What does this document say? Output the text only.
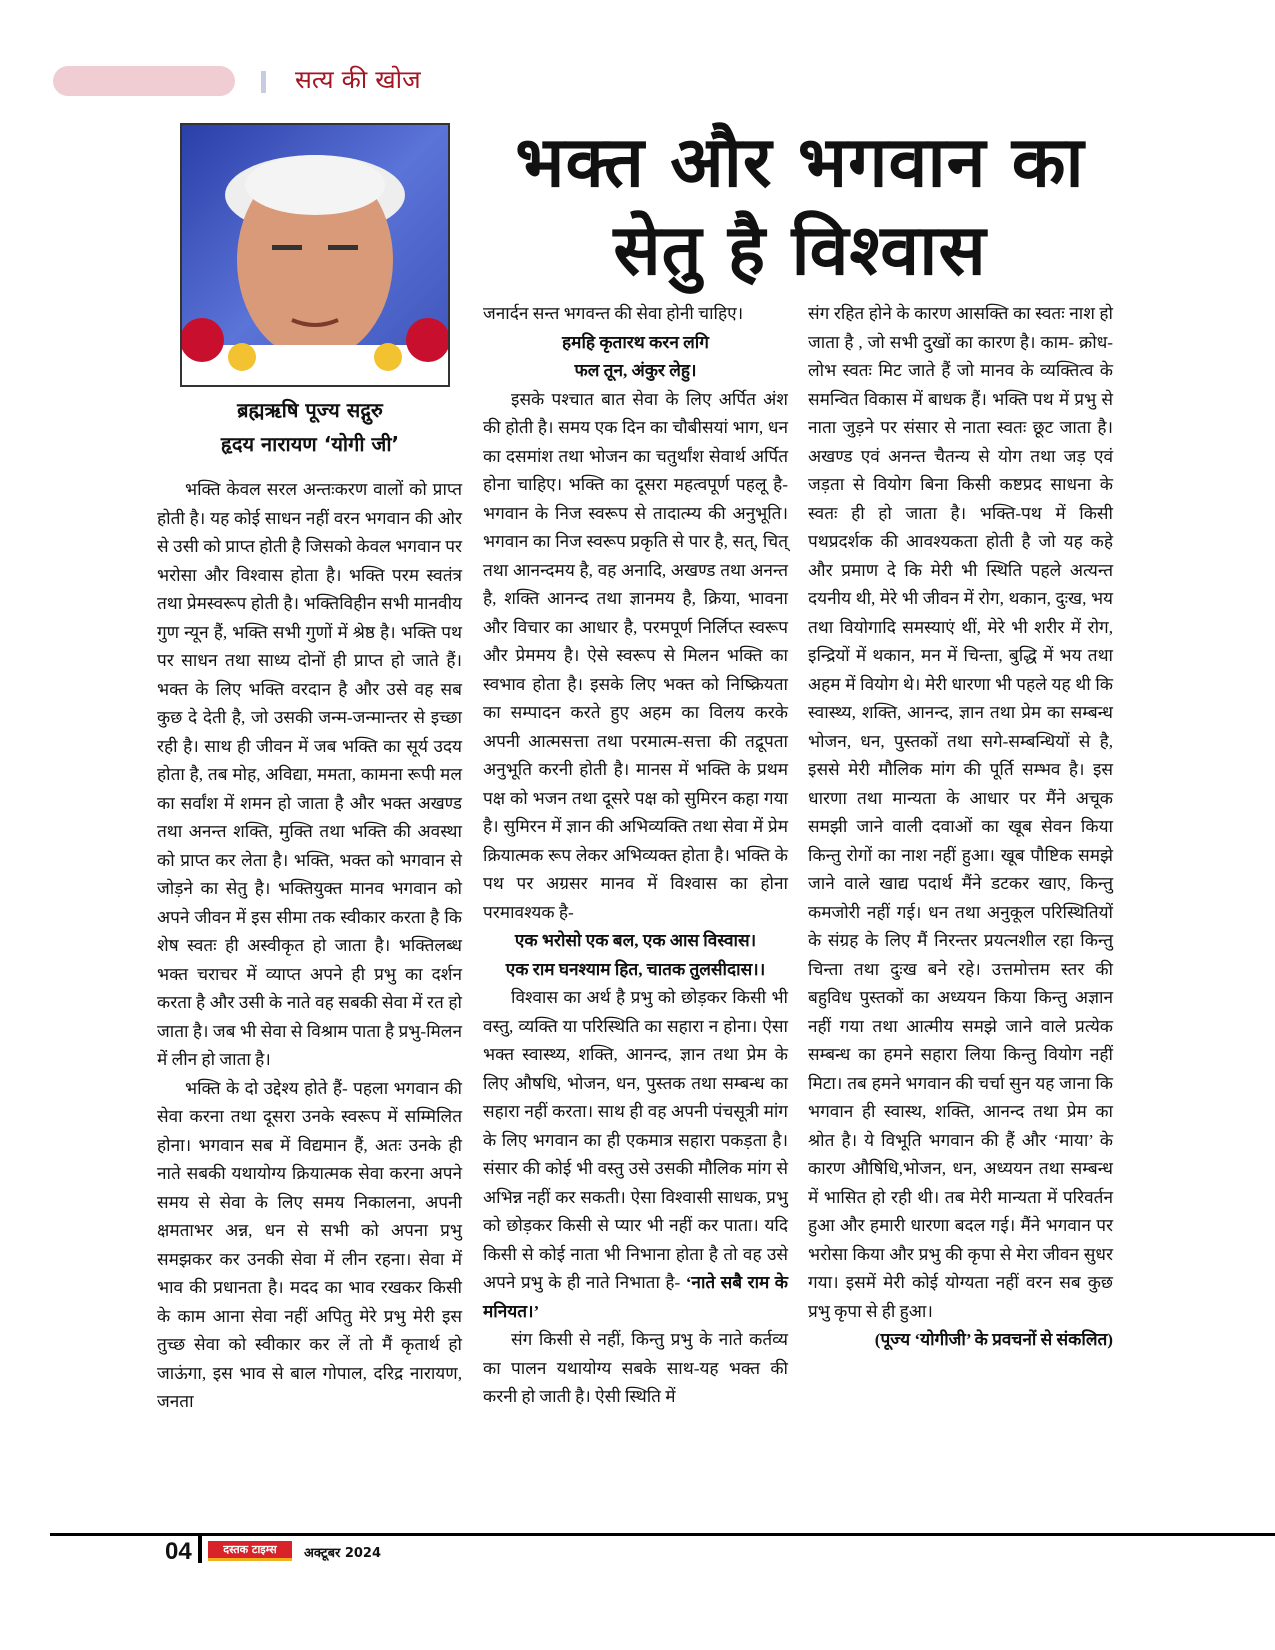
सत्य की खोज
ब्रह्मऋषि पूज्य सद्गुरु
हृदय नारायण ‘योगी जी’
भक्त और भगवान का
सेतु है विश्वास

भक्ति केवल सरल अन्तःकरण वालों को प्राप्त होती है। यह कोई साधन नहीं वरन भगवान की ओर से उसी को प्राप्त होती है जिसको केवल भगवान पर भरोसा और विश्वास होता है। भक्ति परम स्वतंत्र तथा प्रेमस्वरूप होती है। भक्तिविहीन सभी मानवीय गुण न्यून हैं, भक्ति सभी गुणों में श्रेष्ठ है। भक्ति पथ पर साधन तथा साध्य दोनों ही प्राप्त हो जाते हैं। भक्त के लिए भक्ति वरदान है और उसे वह सब कुछ दे देती है, जो उसकी जन्म-जन्मान्तर से इच्छा रही है। साथ ही जीवन में जब भक्ति का सूर्य उदय होता है, तब मोह, अविद्या, ममता, कामना रूपी मल का सर्वांश में शमन हो जाता है और भक्त अखण्ड तथा अनन्त शक्ति, मुक्ति तथा भक्ति की अवस्था को प्राप्त कर लेता है। भक्ति, भक्त को भगवान से जोड़ने का सेतु है। भक्तियुक्त मानव भगवान को अपने जीवन में इस सीमा तक स्वीकार करता है कि शेष स्वतः ही अस्वीकृत हो जाता है। भक्तिलब्ध भक्त चराचर में व्याप्त अपने ही प्रभु का दर्शन करता है और उसी के नाते वह सबकी सेवा में रत हो जाता है। जब भी सेवा से विश्राम पाता है प्रभु-मिलन में लीन हो जाता है।

भक्ति के दो उद्देश्य होते हैं- पहला भगवान की सेवा करना तथा दूसरा उनके स्वरूप में सम्मिलित होना। भगवान सब में विद्यमान हैं, अतः उनके ही नाते सबकी यथायोग्य क्रियात्मक सेवा करना अपने समय से सेवा के लिए समय निकालना, अपनी क्षमताभर अन्न, धन से सभी को अपना प्रभु समझकर कर उनकी सेवा में लीन रहना। सेवा में भाव की प्रधानता है। मदद का भाव रखकर किसी के काम आना सेवा नहीं अपितु मेरे प्रभु मेरी इस तुच्छ सेवा को स्वीकार कर लें तो मैं कृतार्थ हो जाऊंगा, इस भाव से बाल गोपाल, दरिद्र नारायण, जनता

जनार्दन सन्त भगवन्त की सेवा होनी चाहिए।

हमहि कृतारथ करन लगि
फल तून, अंकुर लेहु।

इसके पश्चात बात सेवा के लिए अर्पित अंश की होती है। समय एक दिन का चौबीसयां भाग, धन का दसमांश तथा भोजन का चतुर्थांश सेवार्थ अर्पित होना चाहिए। भक्ति का दूसरा महत्वपूर्ण पहलू है- भगवान के निज स्वरूप से तादात्म्य की अनुभूति। भगवान का निज स्वरूप प्रकृति से पार है, सत्, चित् तथा आनन्दमय है, वह अनादि, अखण्ड तथा अनन्त है, शक्ति आनन्द तथा ज्ञानमय है, क्रिया, भावना और विचार का आधार है, परमपूर्ण निर्लिप्त स्वरूप और प्रेममय है। ऐसे स्वरूप से मिलन भक्ति का स्वभाव होता है। इसके लिए भक्त को निष्क्रियता का सम्पादन करते हुए अहम का विलय करके अपनी आत्मसत्ता तथा परमात्म-सत्ता की तद्रूपता अनुभूति करनी होती है। मानस में भक्ति के प्रथम पक्ष को भजन तथा दूसरे पक्ष को सुमिरन कहा गया है। सुमिरन में ज्ञान की अभिव्यक्ति तथा सेवा में प्रेम क्रियात्मक रूप लेकर अभिव्यक्त होता है। भक्ति के पथ पर अग्रसर मानव में विश्वास का होना परमावश्यक है-

एक भरोसो एक बल, एक आस विस्वास।
एक राम घनश्याम हित, चातक तुलसीदास।।

विश्वास का अर्थ है प्रभु को छोड़कर किसी भी वस्तु, व्यक्ति या परिस्थिति का सहारा न होना। ऐसा भक्त स्वास्थ्य, शक्ति, आनन्द, ज्ञान तथा प्रेम के लिए औषधि, भोजन, धन, पुस्तक तथा सम्बन्ध का सहारा नहीं करता। साथ ही वह अपनी पंचसूत्री मांग के लिए भगवान का ही एकमात्र सहारा पकड़ता है। संसार की कोई भी वस्तु उसे उसकी मौलिक मांग से अभिन्न नहीं कर सकती। ऐसा विश्वासी साधक, प्रभु को छोड़कर किसी से प्यार भी नहीं कर पाता। यदि किसी से कोई नाता भी निभाना होता है तो वह उसे अपने प्रभु के ही नाते निभाता है- ‘नाते सबै राम के मनियत।’

संग किसी से नहीं, किन्तु प्रभु के नाते कर्तव्य का पालन यथायोग्य सबके साथ-यह भक्त की करनी हो जाती है। ऐसी स्थिति में

संग रहित होने के कारण आसक्ति का स्वतः नाश हो जाता है , जो सभी दुखों का कारण है। काम- क्रोध-लोभ स्वतः मिट जाते हैं जो मानव के व्यक्तित्व के समन्वित विकास में बाधक हैं। भक्ति पथ में प्रभु से नाता जुड़ने पर संसार से नाता स्वतः छूट जाता है। अखण्ड एवं अनन्त चैतन्य से योग तथा जड़ एवं जड़ता से वियोग बिना किसी कष्टप्रद साधना के स्वतः ही हो जाता है। भक्ति-पथ में किसी पथप्रदर्शक की आवश्यकता होती है जो यह कहे और प्रमाण दे कि मेरी भी स्थिति पहले अत्यन्त दयनीय थी, मेरे भी जीवन में रोग, थकान, दुःख, भय तथा वियोगादि समस्याएं थीं, मेरे भी शरीर में रोग, इन्द्रियों में थकान, मन में चिन्ता, बुद्धि में भय तथा अहम में वियोग थे। मेरी धारणा भी पहले यह थी कि स्वास्थ्य, शक्ति, आनन्द, ज्ञान तथा प्रेम का सम्बन्ध भोजन, धन, पुस्तकों तथा सगे-सम्बन्धियों से है, इससे मेरी मौलिक मांग की पूर्ति सम्भव है। इस धारणा तथा मान्यता के आधार पर मैंने अचूक समझी जाने वाली दवाओं का खूब सेवन किया किन्तु रोगों का नाश नहीं हुआ। खूब पौष्टिक समझे जाने वाले खाद्य पदार्थ मैंने डटकर खाए, किन्तु कमजोरी नहीं गई। धन तथा अनुकूल परिस्थितियों के संग्रह के लिए मैं निरन्तर प्रयत्नशील रहा किन्तु चिन्ता तथा दुःख बने रहे। उत्तमोत्तम स्तर की बहुविध पुस्तकों का अध्ययन किया किन्तु अज्ञान नहीं गया तथा आत्मीय समझे जाने वाले प्रत्येक सम्बन्ध का हमने सहारा लिया किन्तु वियोग नहीं मिटा। तब हमने भगवान की चर्चा सुन यह जाना कि भगवान ही स्वास्थ, शक्ति, आनन्द तथा प्रेम का श्रोत है। ये विभूति भगवान की हैं और ‘माया’ के कारण औषिधि,भोजन, धन, अध्ययन तथा सम्बन्ध में भासित हो रही थी। तब मेरी मान्यता में परिवर्तन हुआ और हमारी धारणा बदल गई। मैंने भगवान पर भरोसा किया और प्रभु की कृपा से मेरा जीवन सुधर गया। इसमें मेरी कोई योग्यता नहीं वरन सब कुछ प्रभु कृपा से ही हुआ।

(पूज्य ‘योगीजी’ के प्रवचनों से संकलित)
04	दस्तक टाइम्स	अक्टूबर 2024
